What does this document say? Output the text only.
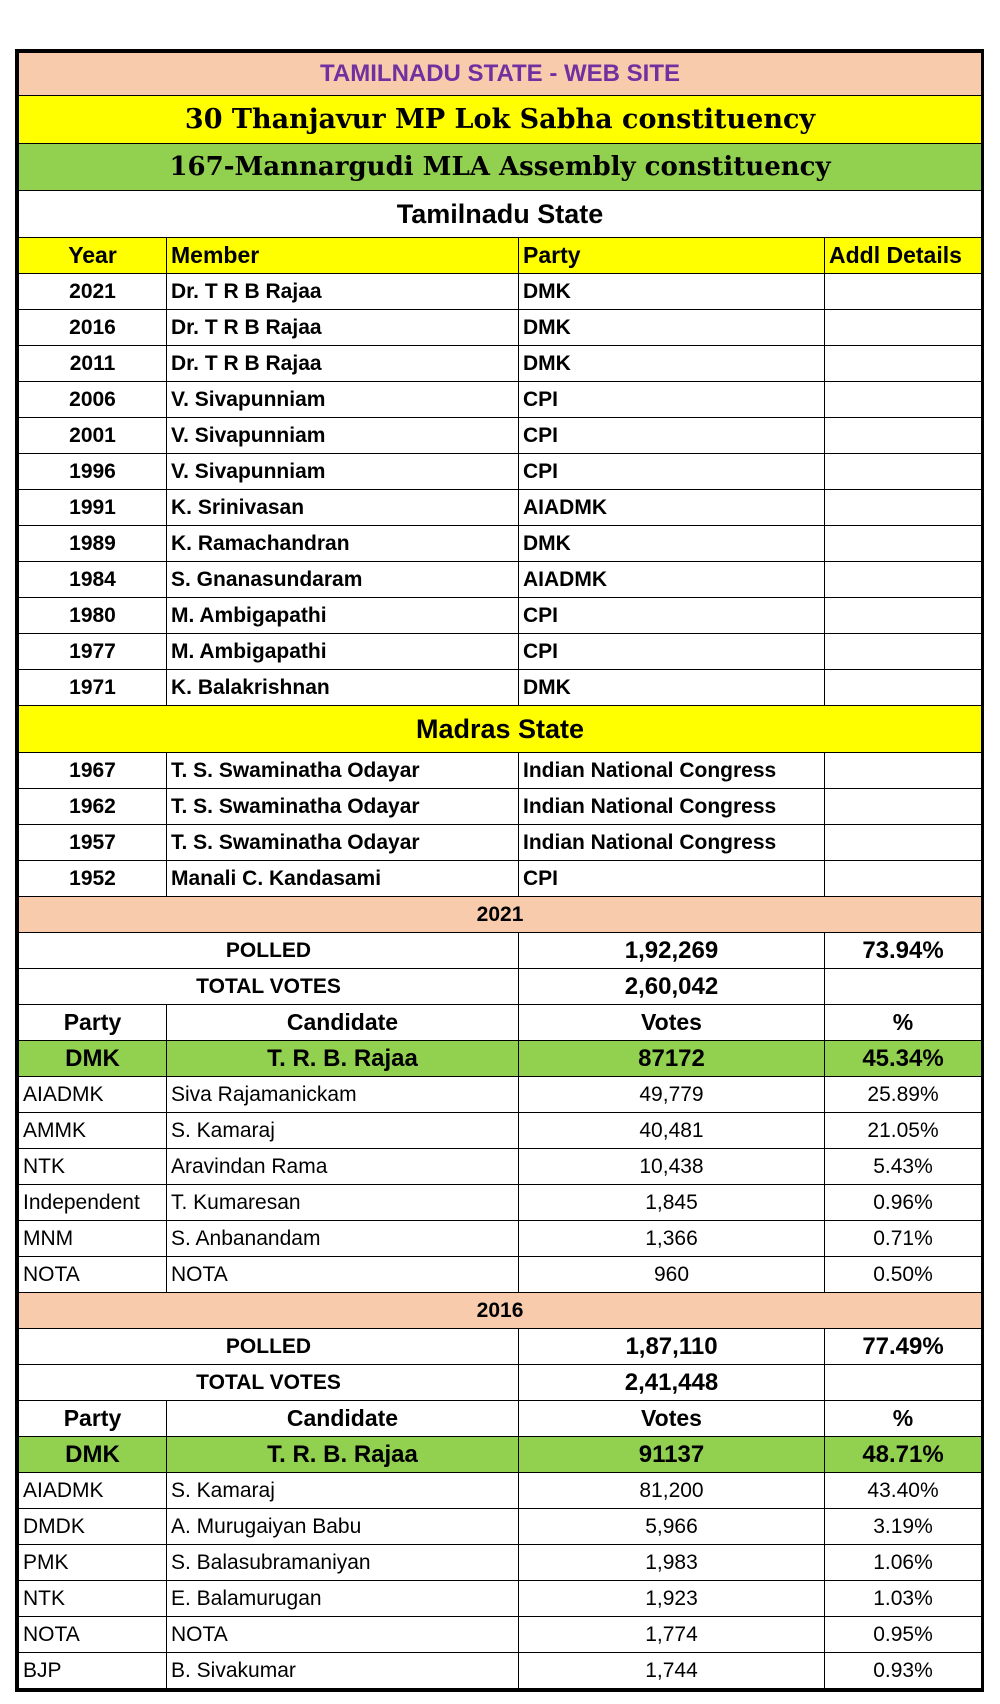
TAMILNADU STATE - WEB SITE			
30 Thanjavur MP Lok Sabha constituency			
167-Mannargudi MLA Assembly constituency			
Tamilnadu State			
Year	Member	Party	Addl Details
2021	Dr. T R B Rajaa	DMK	
2016	Dr. T R B Rajaa	DMK	
2011	Dr. T R B Rajaa	DMK	
2006	V. Sivapunniam	CPI	
2001	V. Sivapunniam	CPI	
1996	V. Sivapunniam	CPI	
1991	K. Srinivasan	AIADMK	
1989	K. Ramachandran	DMK	
1984	S. Gnanasundaram	AIADMK	
1980	M. Ambigapathi	CPI	
1977	M. Ambigapathi	CPI	
1971	K. Balakrishnan	DMK	
Madras State			
1967	T. S. Swaminatha Odayar	Indian National Congress	
1962	T. S. Swaminatha Odayar	Indian National Congress	
1957	T. S. Swaminatha Odayar	Indian National Congress	
1952	Manali C. Kandasami	CPI	
2021			
POLLED		1,92,269	73.94%
TOTAL VOTES		2,60,042	
Party	Candidate	Votes	%
DMK	T. R. B. Rajaa	87172	45.34%
AIADMK	Siva Rajamanickam	49,779	25.89%
AMMK	S. Kamaraj	40,481	21.05%
NTK	Aravindan Rama	10,438	5.43%
Independent	T. Kumaresan	1,845	0.96%
MNM	S. Anbanandam	1,366	0.71%
NOTA	NOTA	960	0.50%
2016			
POLLED		1,87,110	77.49%
TOTAL VOTES		2,41,448	
Party	Candidate	Votes	%
DMK	T. R. B. Rajaa	91137	48.71%
AIADMK	S. Kamaraj	81,200	43.40%
DMDK	A. Murugaiyan Babu	5,966	3.19%
PMK	S. Balasubramaniyan	1,983	1.06%
NTK	E. Balamurugan	1,923	1.03%
NOTA	NOTA	1,774	0.95%
BJP	B. Sivakumar	1,744	0.93%
